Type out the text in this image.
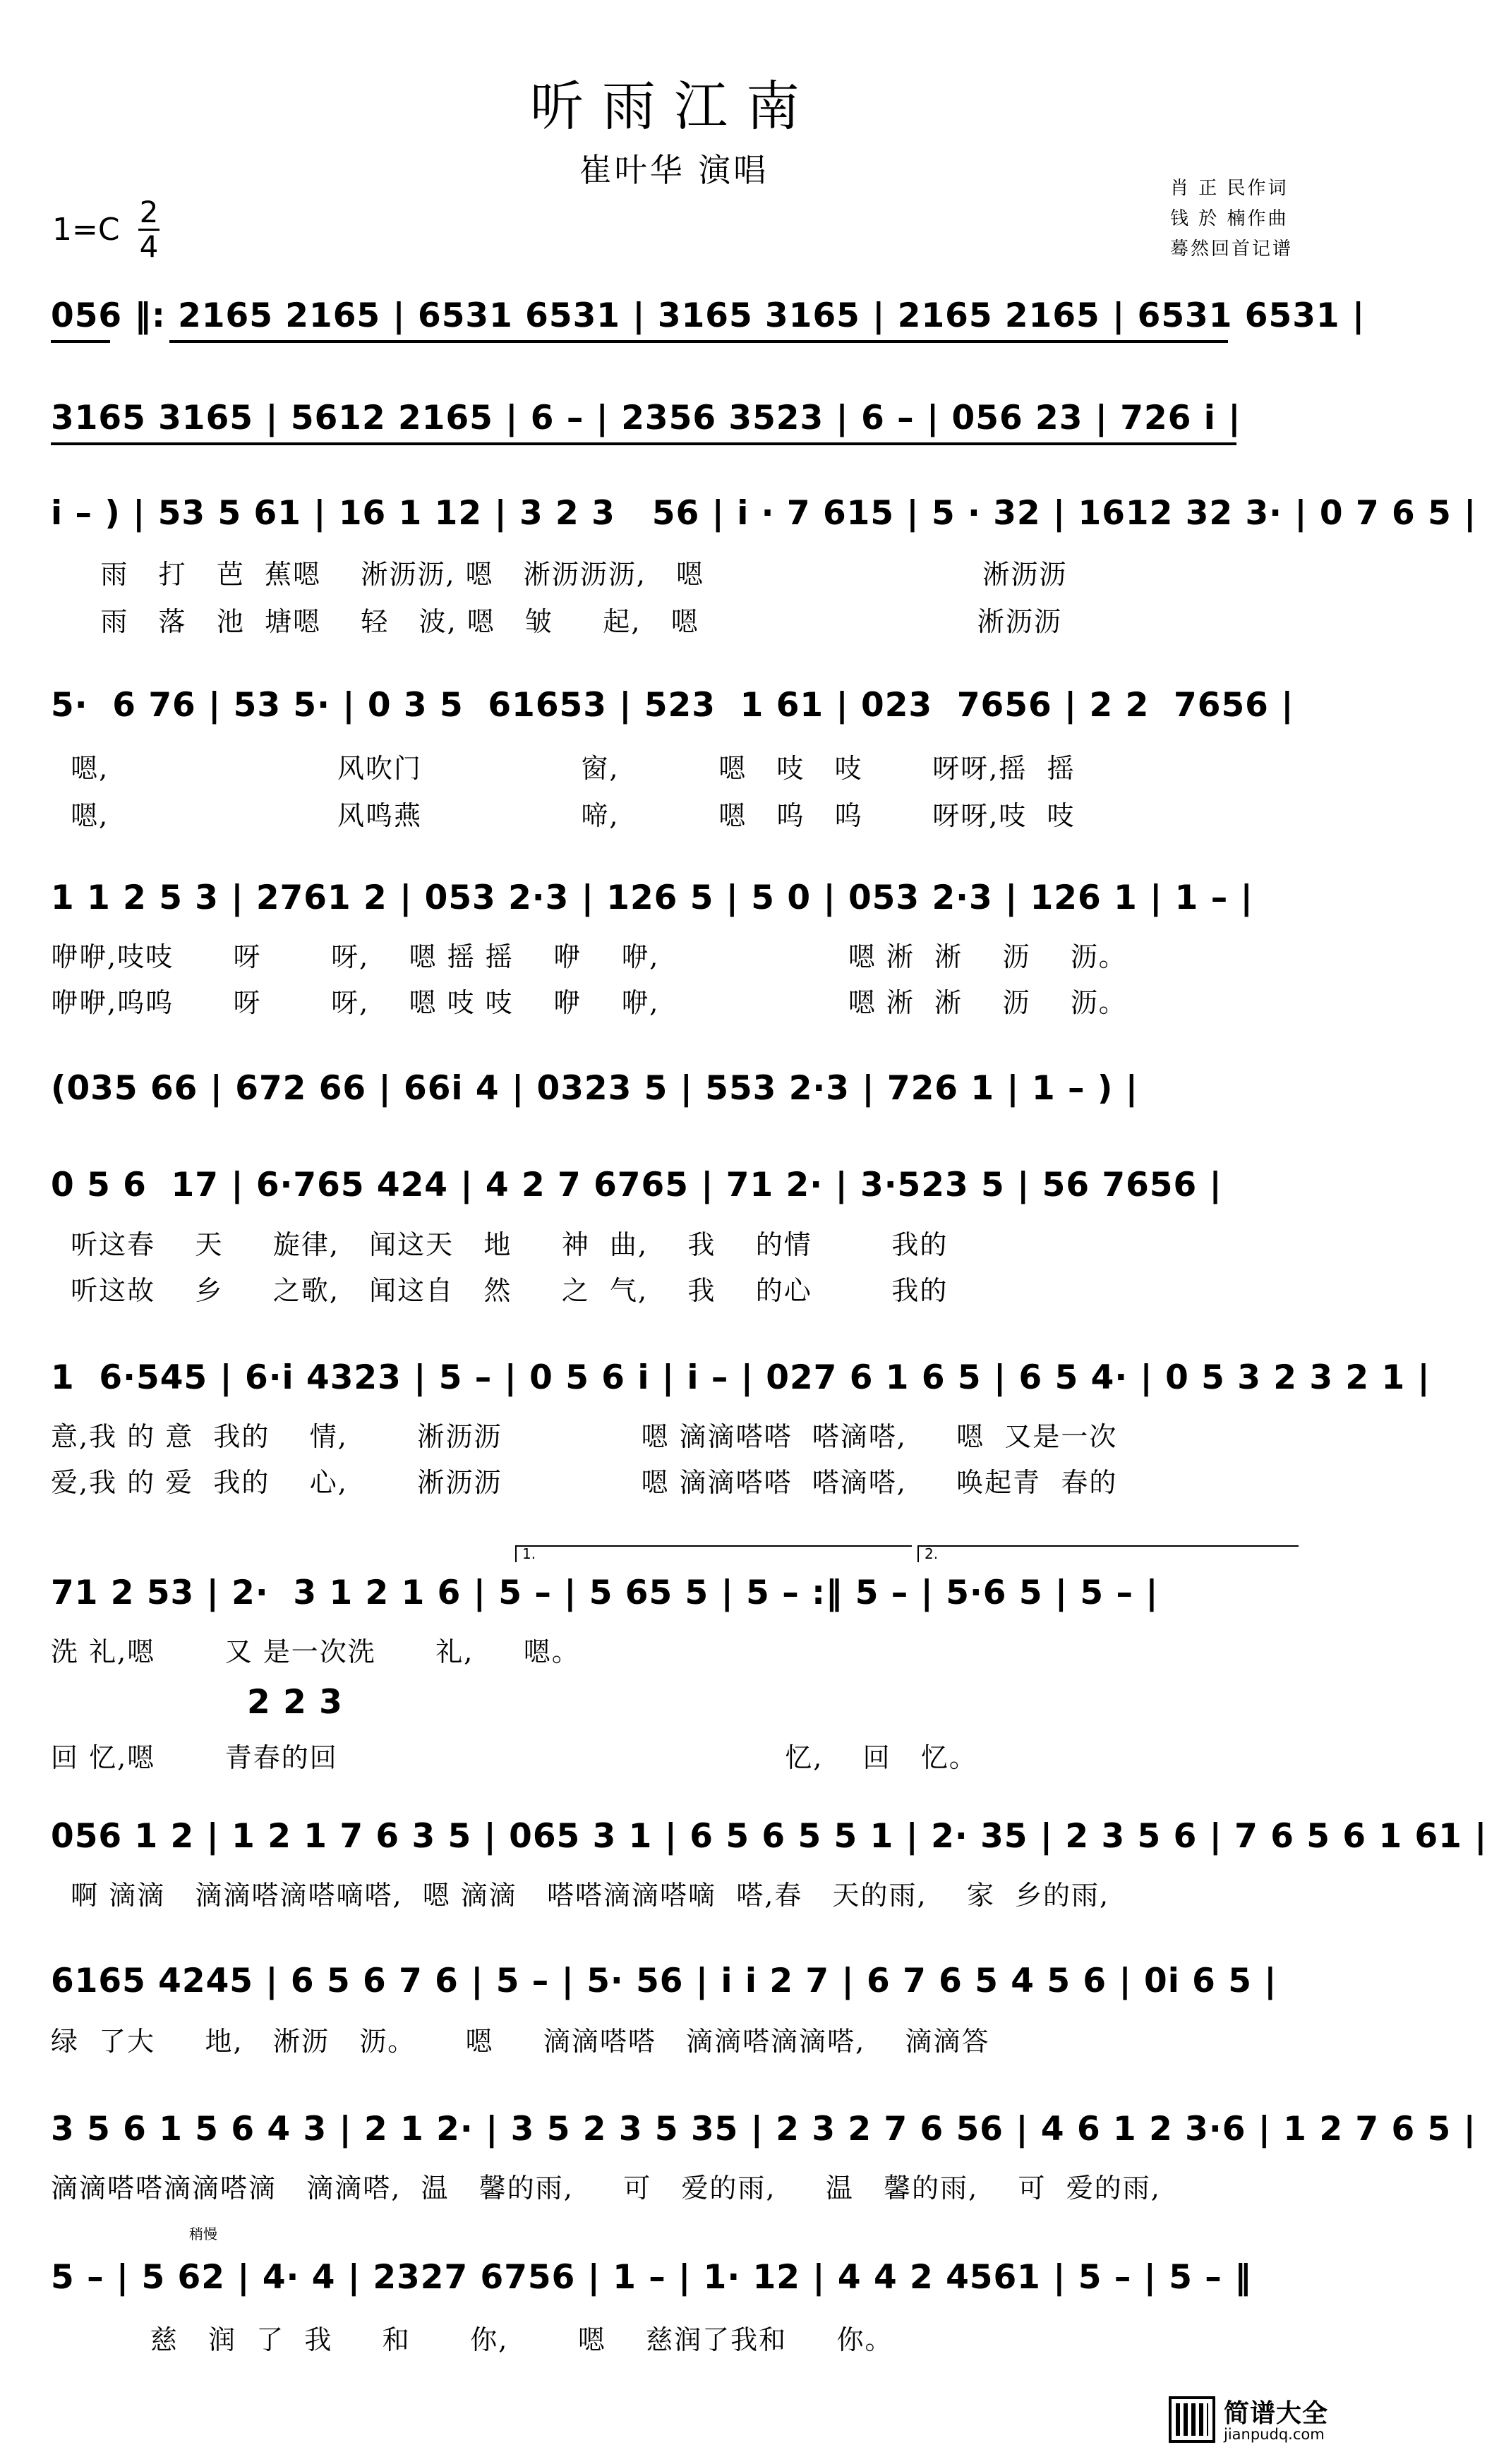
听雨江南
崔叶华 演唱
1=C 2
4
肖 正 民作词
钱 於 楠作曲
蓦然回首记谱
056 ‖: 2165 2165 | 6531 6531 | 3165 3165 | 2165 2165 | 6531 6531 |
3165 3165 | 5612 2165 | 6 – | 2356 3523 | 6 – | 056 23 | 726 i |
i – ) | 53 5 61 | 16 1 12 | 3 2 3   56 | i · 7 615 | 5 · 32 | 1612 32 3· | 0 7 6 5 |
雨   打   芭  蕉嗯    淅沥沥, 嗯   淅沥沥沥,   嗯                            淅沥沥
雨   落   池  塘嗯    轻   波, 嗯   皱     起,   嗯                            淅沥沥
5·  6 76 | 53 5· | 0 3 5  61653 | 523  1 61 | 023  7656 | 2 2  7656 |
嗯,                       风吹门                窗,          嗯   吱   吱       呀呀,摇  摇
嗯,                       风鸣燕                啼,          嗯   呜   呜       呀呀,吱  吱
1 1 2 5 3 | 2761 2 | 053 2·3 | 126 5 | 5 0 | 053 2·3 | 126 1 | 1 – |
咿咿,吱吱      呀       呀,    嗯 摇 摇    咿    咿,                   嗯 淅  淅    沥    沥。
咿咿,呜呜      呀       呀,    嗯 吱 吱    咿    咿,                   嗯 淅  淅    沥    沥。
(035 66 | 672 66 | 66i 4 | 0323 5 | 553 2·3 | 726 1 | 1 – ) |
0 5 6  17 | 6·765 424 | 4 2 7 6765 | 71 2· | 3·523 5 | 56 7656 |
听这春    天     旋律,   闻这天   地     神  曲,    我    的情        我的
听这故    乡     之歌,   闻这自   然     之  气,    我    的心        我的
1  6·545 | 6·i 4323 | 5 – | 0 5 6 i | i – | 027 6 1 6 5 | 6 5 4· | 0 5 3 2 3 2 1 |
意,我 的 意  我的    情,       淅沥沥              嗯 滴滴嗒嗒  嗒滴嗒,     嗯  又是一次
爱,我 的 爱  我的    心,       淅沥沥              嗯 滴滴嗒嗒  嗒滴嗒,     唤起青  春的
1.	2.
71 2 53 | 2·  3 1 2 1 6 | 5 – | 5 65 5 | 5 – :‖ 5 – | 5·6 5 | 5 – |
洗 礼,嗯       又 是一次洗      礼,     嗯。
2 2 3
回 忆,嗯       青春的回                                             忆,    回   忆。
056 1 2 | 1 2 1 7 6 3 5 | 065 3 1 | 6 5 6 5 5 1 | 2· 35 | 2 3 5 6 | 7 6 5 6 1 61 |
啊 滴滴   滴滴嗒滴嗒嘀嗒,  嗯 滴滴   嗒嗒滴滴嗒嘀  嗒,春   天的雨,    家  乡的雨,
6165 4245 | 6 5 6 7 6 | 5 – | 5· 56 | i i 2 7 | 6 7 6 5 4 5 6 | 0i 6 5 |
绿  了大     地,   淅沥   沥。     嗯     滴滴嗒嗒   滴滴嗒滴滴嗒,    滴滴答
3 5 6 1 5 6 4 3 | 2 1 2· | 3 5 2 3 5 35 | 2 3 2 7 6 56 | 4 6 1 2 3·6 | 1 2 7 6 5 |
滴滴嗒嗒滴滴嗒滴   滴滴嗒,  温   馨的雨,     可   爱的雨,     温   馨的雨,    可  爱的雨,
稍慢
5 – | 5 62 | 4· 4 | 2327 6756 | 1 – | 1· 12 | 4 4 2 4561 | 5 – | 5 – ‖
慈   润  了  我     和      你,       嗯    慈润了我和     你。
简谱大全
jianpudq.com
